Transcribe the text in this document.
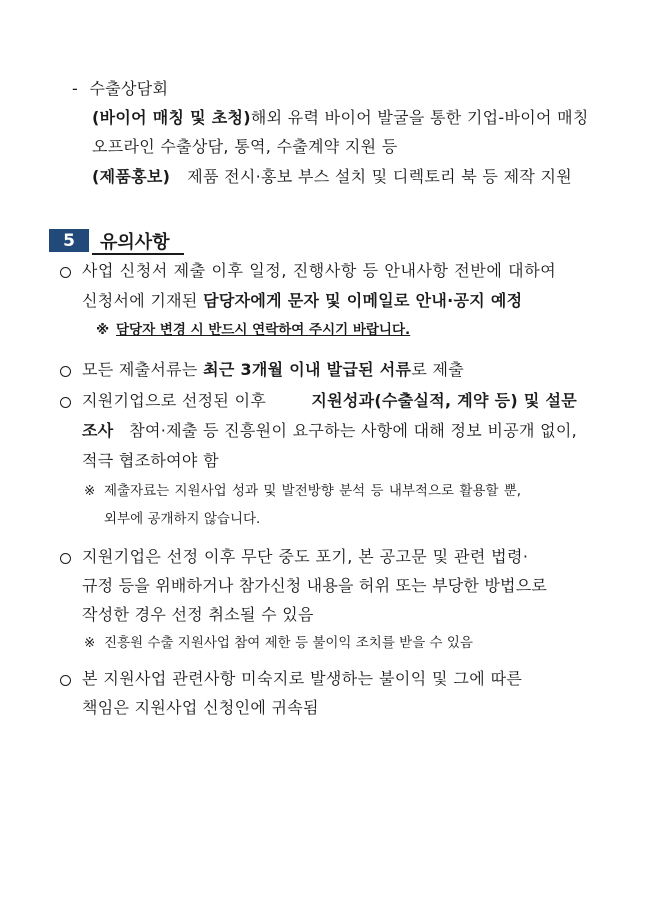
- 수출상담회
(바이어 매칭 및 초청) 해외 유력 바이어 발굴을 통한 기업-바이어 매칭
오프라인 수출상담, 통역, 수출계약 지원 등
(제품홍보) 제품 전시·홍보 부스 설치 및 디렉토리 북 등 제작 지원
5	유의사항
사업 신청서 제출 이후 일정, 진행사항 등 안내사항 전반에 대하여
신청서에 기재된 담당자에게 문자 및 이메일로 안내·공지 예정
※ 담당자 변경 시 반드시 연락하여 주시기 바랍니다.
모든 제출서류는 최근 3개월 이내 발급된 서류로 제출
지원기업으로 선정된 이후	지원성과(수출실적, 계약 등) 및 설문
조사 참여·제출 등 진흥원이 요구하는 사항에 대해 정보 비공개 없이,
적극 협조하여야 함
※ 제출자료는 지원사업 성과 및 발전방향 분석 등 내부적으로 활용할 뿐,
외부에 공개하지 않습니다.
지원기업은 선정 이후 무단 중도 포기, 본 공고문 및 관련 법령·
규정 등을 위배하거나 참가신청 내용을 허위 또는 부당한 방법으로
작성한 경우 선정 취소될 수 있음
※ 진흥원 수출 지원사업 참여 제한 등 불이익 조치를 받을 수 있음
본 지원사업 관련사항 미숙지로 발생하는 불이익 및 그에 따른
책임은 지원사업 신청인에 귀속됨
